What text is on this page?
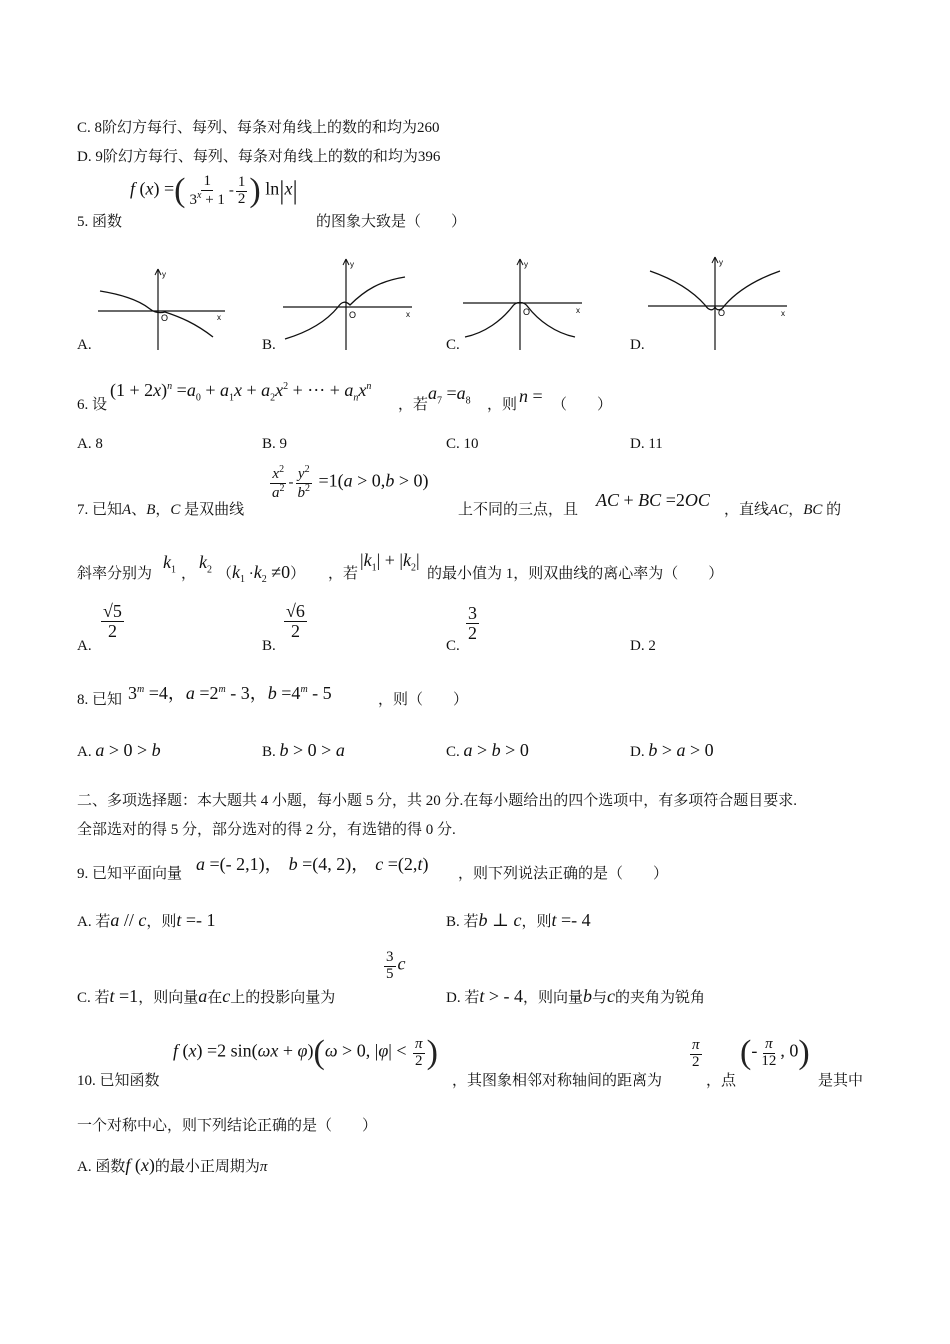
C. 8阶幻方每行、每列、每条对角线上的数的和均为260
D. 9阶幻方每行、每列、每条对角线上的数的和均为396
5. 函数
f (x) =( $\frac{1}{3^x + 1} - \frac{1}{2}$ ) ln|x|
的图象大致是（　　）
y
x
O
A.
y
x
O
B.
y
x
O
C.
y
x
O
D.
6. 设
$(1 + 2x)^n =a_0 + a_1x + a_2x^2$ + ··· + $a_nx^n$
，若
$a_7 =a_8$ ，则 n = （　　）
A. 8	B. 9	C. 10	D. 11
7. 已知A、B，C 是双曲线
$\frac{x^2}{a^2} - \frac{y^2}{b^2} =1(a > 0,b > 0)$
上不同的三点，且 AC + BC =2OC ，直线AC，BC 的
斜率分别为
$k_1$ ，
$k_2$ $(k_1 \cdot k_2 \ne 0)$ ，若
$|k_1| + |k_2|$
的最小值为 1，则双曲线的离心率为（　　）
A.
$\frac{√5}{2}$
B.
$\frac{√6}{2}$
C.
$\frac{3}{2}$
D. 2
8. 已知 $3^m =4$，$a =2^m - 3$，$b =4^m - 5$	，则（　　）
A. a > 0 > b	B. b > 0 > a	C. a > b > 0	D. b > a > 0
二、多项选择题：本大题共 4 小题，每小题 5 分，共 20 分.在每小题给出的四个选项中，有多项符合题目要求.
全部选对的得 5 分，部分选对的得 2 分，有选错的得 0 分.
9. 已知平面向量 a =(- 2,1)， b =(4, 2)， c =(2,t) ，则下列说法正确的是（　　）
A. 若a // c，则t =- 1	B. 若b ⊥ c，则t =- 4
C. 若t =1，则向量a在c上的投影向量为
$\frac{3}{5}$ c
D. 若t > - 4，则向量b与c的夹角为锐角
10. 已知函数
f (x) =2 sin(ωx + φ)(ω > 0, $|\varphi| < \frac{\pi}{2}$ )
，其图象相邻对称轴间的距离为
$\frac{\pi}{2}$
，点
(- $\frac{\pi}{12}$ , 0)
是其中
一个对称中心，则下列结论正确的是（　　）
A. 函数f (x)的最小正周期为π
